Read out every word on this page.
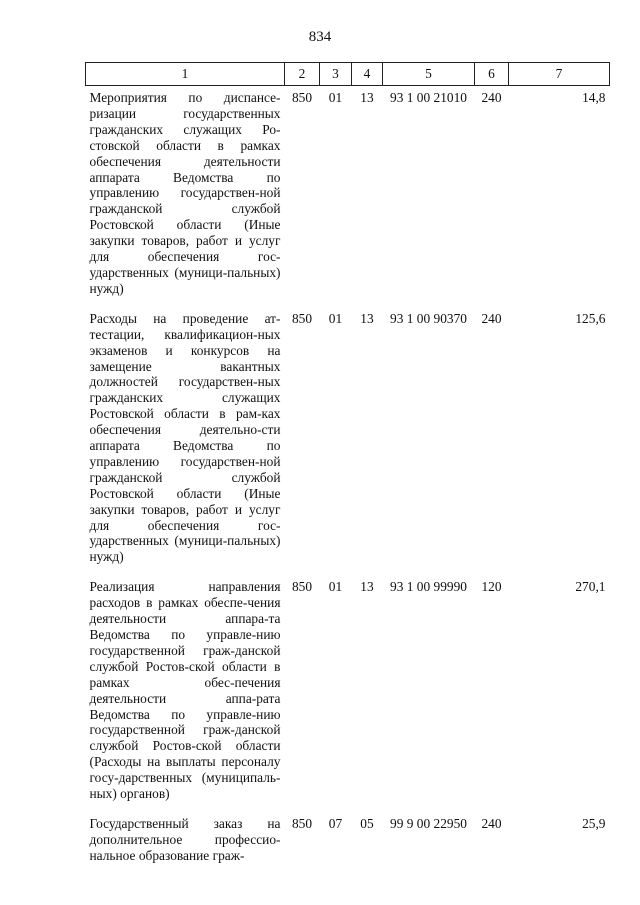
834
1	2	3	4	5	6	7
Мероприятия по диспансе-ризации государственных гражданских служащих Ро-стовской области в рамках обеспечения деятельности аппарата Ведомства по управлению государствен-ной гражданской службой Ростовской области (Иные закупки товаров, работ и услуг для обеспечения гос-ударственных (муници-пальных) нужд)	850	01	13	93 1 00 21010	240	14,8
Расходы на проведение ат-тестации, квалификацион-ных экзаменов и конкурсов на замещение вакантных должностей государствен-ных гражданских служащих Ростовской области в рам-ках обеспечения деятельно-сти аппарата Ведомства по управлению государствен-ной гражданской службой Ростовской области (Иные закупки товаров, работ и услуг для обеспечения гос-ударственных (муници-пальных) нужд)	850	01	13	93 1 00 90370	240	125,6
Реализация направления расходов в рамках обеспе-чения деятельности аппара-та Ведомства по управле-нию государственной граж-данской службой Ростов-ской области в рамках обес-печения деятельности аппа-рата Ведомства по управле-нию государственной граж-данской службой Ростов-ской области (Расходы на выплаты персоналу госу-дарственных (муниципаль-ных) органов)	850	01	13	93 1 00 99990	120	270,1
Государственный заказ на дополнительное профессио-нальное образование граж-	850	07	05	99 9 00 22950	240	25,9
